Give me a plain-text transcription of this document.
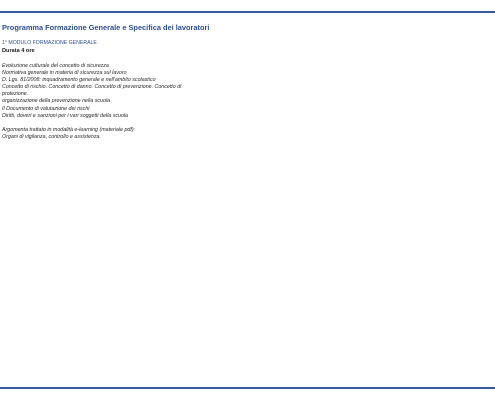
Programma Formazione Generale e Specifica dei lavoratori
1° MODULO FORMAZIONE GENERALE
Durata 4 ore
Evoluzione culturale del concetto di sicurezza
Normativa generale in materia di sicurezza sul lavoro
D. Lgs. 81/2008: inquadramento generale e nell'ambito scolastico
Concetto di rischio. Concetto di danno. Concetto di prevenzione. Concetto di
protezione.
organizzazione della prevenzione nella scuola
Il Documento di valutazione dei rischi
Diritti, doveri e sanzioni per i vari soggetti della scuola
Argomenta trattato in modalità e-learning (materiale pdf):
Organi di vigilanza, controllo e assistenza.
